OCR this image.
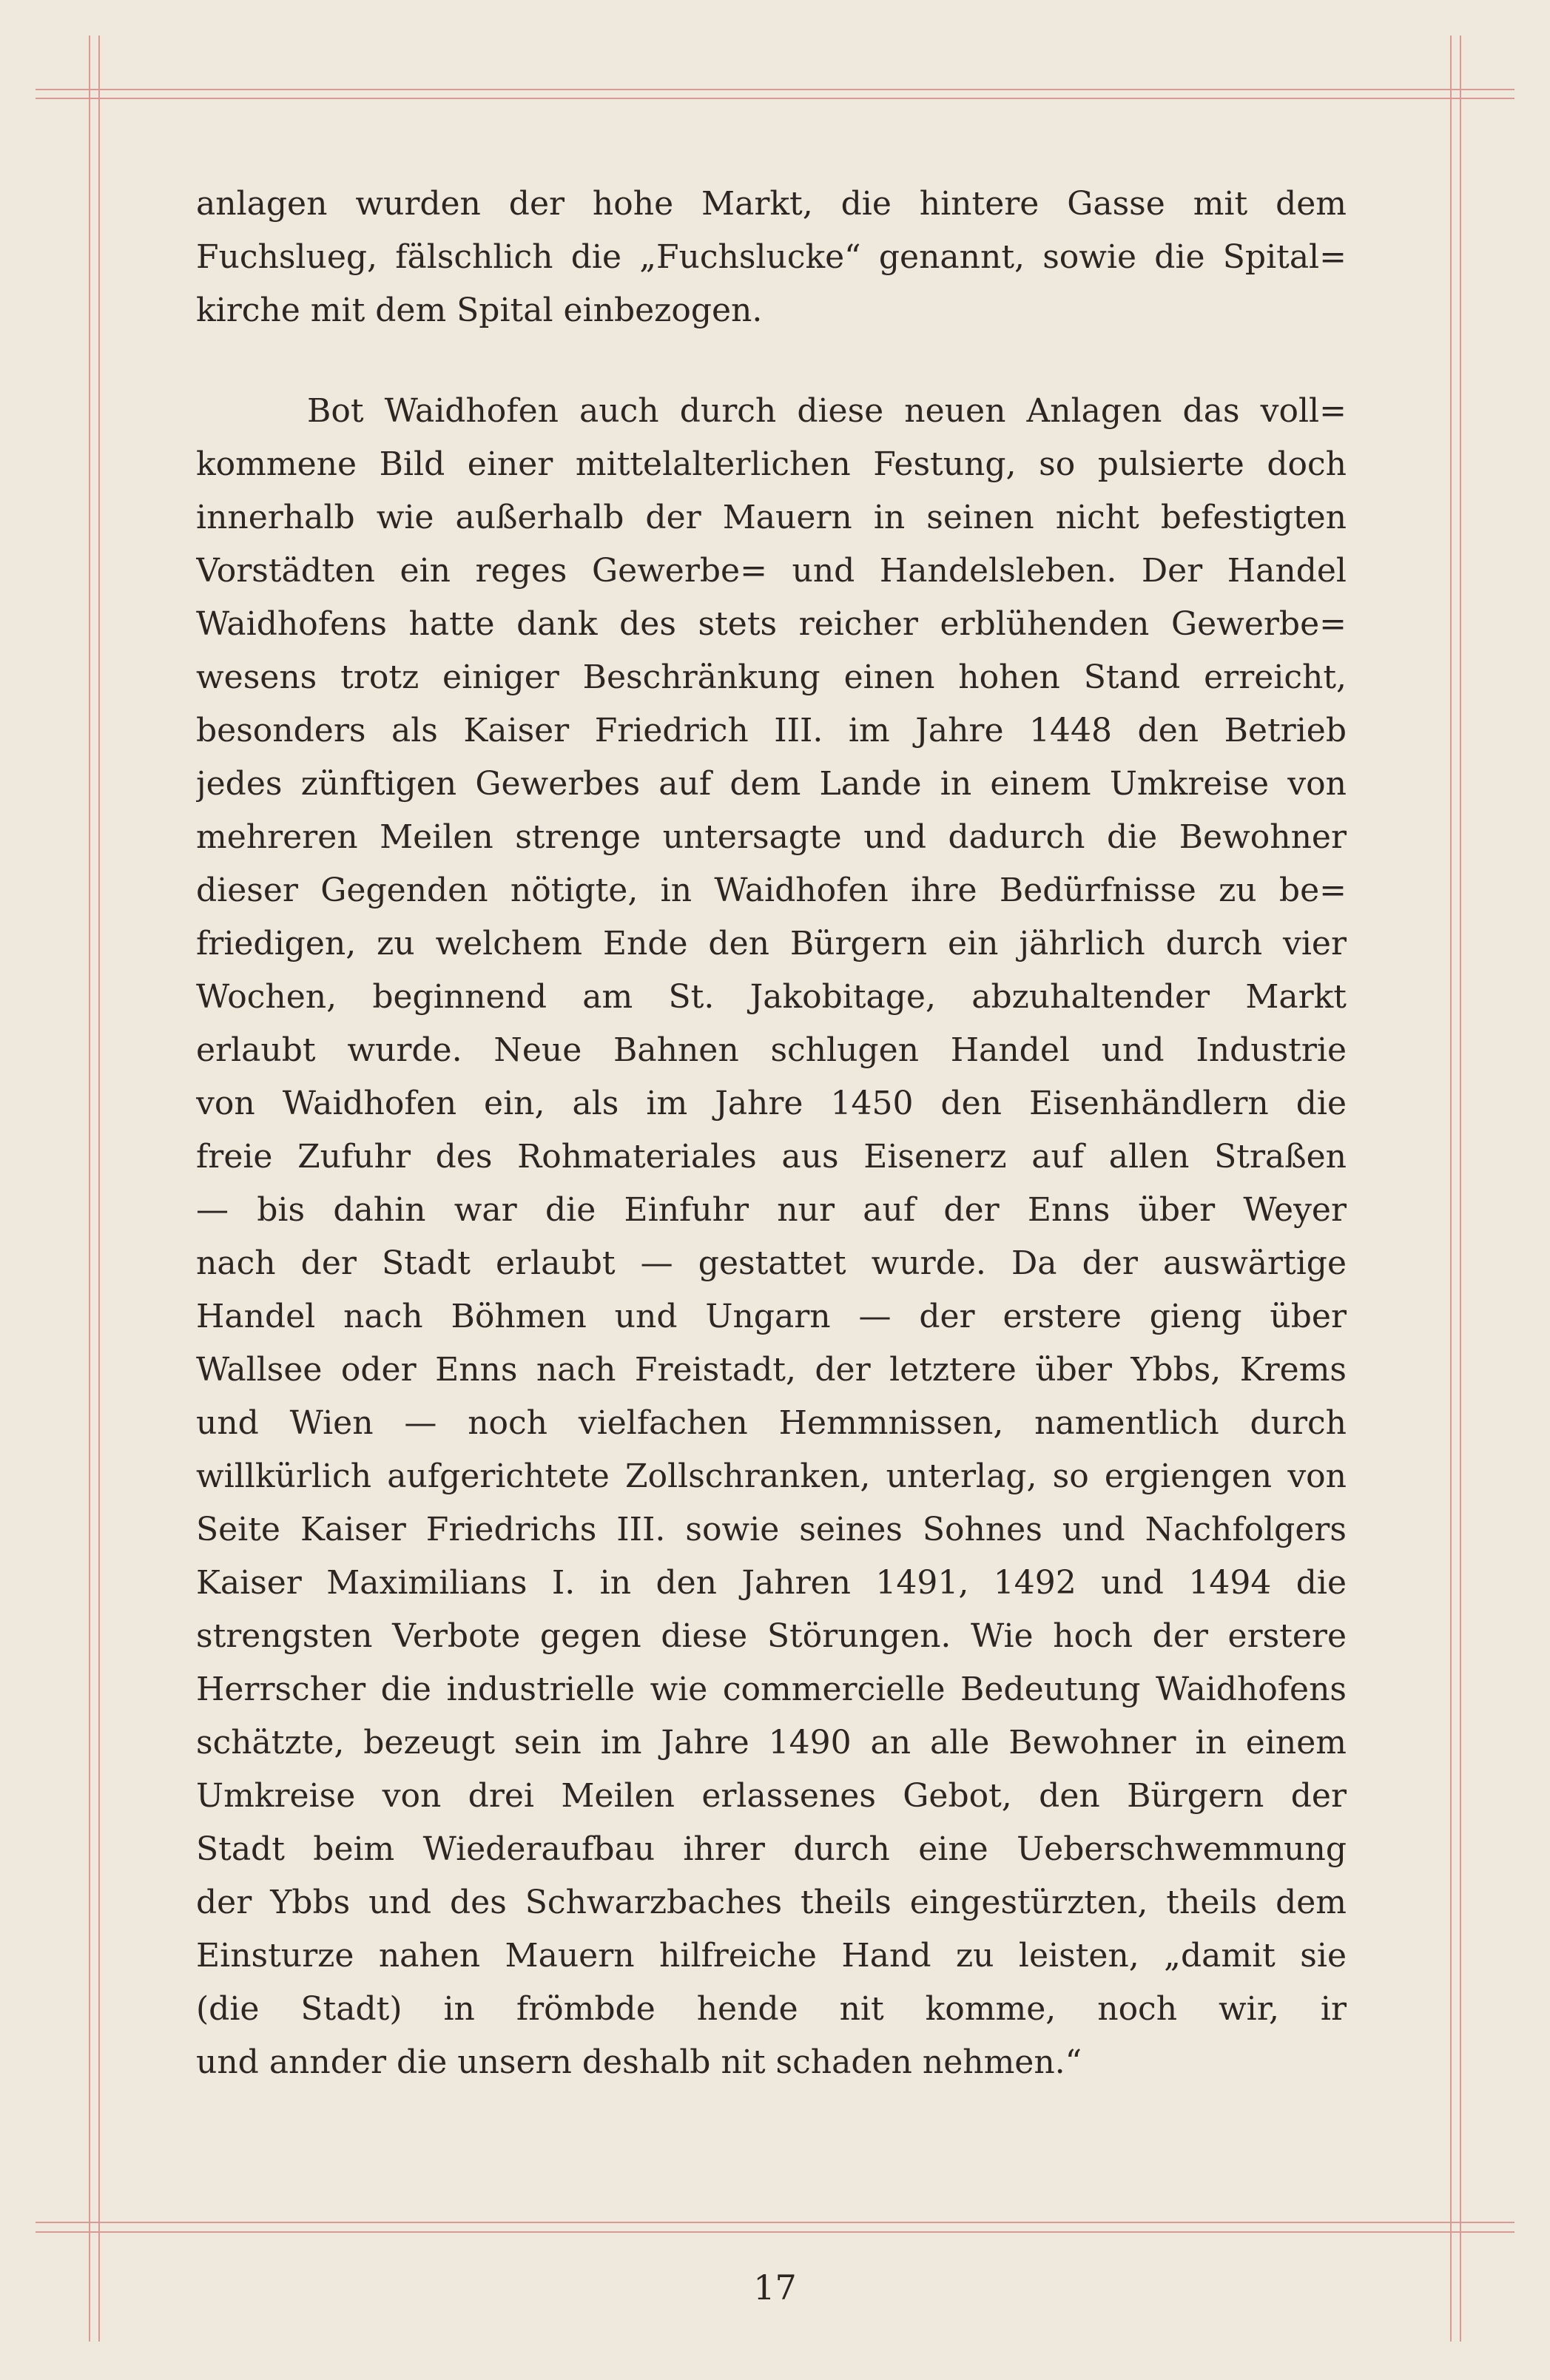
anlagen wurden der hohe Markt, die hintere Gasse mit dem
Fuchslueg, fälschlich die „Fuchslucke“ genannt, sowie die Spital=
kirche mit dem Spital einbezogen.
Bot Waidhofen auch durch diese neuen Anlagen das voll=
kommene Bild einer mittelalterlichen Festung, so pulsierte doch
innerhalb wie außerhalb der Mauern in seinen nicht befestigten
Vorstädten ein reges Gewerbe= und Handelsleben. Der Handel
Waidhofens hatte dank des stets reicher erblühenden Gewerbe=
wesens trotz einiger Beschränkung einen hohen Stand erreicht,
besonders als Kaiser Friedrich III. im Jahre 1448 den Betrieb
jedes zünftigen Gewerbes auf dem Lande in einem Umkreise von
mehreren Meilen strenge untersagte und dadurch die Bewohner
dieser Gegenden nötigte, in Waidhofen ihre Bedürfnisse zu be=
friedigen, zu welchem Ende den Bürgern ein jährlich durch vier
Wochen, beginnend am St. Jakobitage, abzuhaltender Markt
erlaubt wurde. Neue Bahnen schlugen Handel und Industrie
von Waidhofen ein, als im Jahre 1450 den Eisenhändlern die
freie Zufuhr des Rohmateriales aus Eisenerz auf allen Straßen
— bis dahin war die Einfuhr nur auf der Enns über Weyer
nach der Stadt erlaubt — gestattet wurde. Da der auswärtige
Handel nach Böhmen und Ungarn — der erstere gieng über
Wallsee oder Enns nach Freistadt, der letztere über Ybbs, Krems
und Wien — noch vielfachen Hemmnissen, namentlich durch
willkürlich aufgerichtete Zollschranken, unterlag, so ergiengen von
Seite Kaiser Friedrichs III. sowie seines Sohnes und Nachfolgers
Kaiser Maximilians I. in den Jahren 1491, 1492 und 1494 die
strengsten Verbote gegen diese Störungen. Wie hoch der erstere
Herrscher die industrielle wie commercielle Bedeutung Waidhofens
schätzte, bezeugt sein im Jahre 1490 an alle Bewohner in einem
Umkreise von drei Meilen erlassenes Gebot, den Bürgern der
Stadt beim Wiederaufbau ihrer durch eine Ueberschwemmung
der Ybbs und des Schwarzbaches theils eingestürzten, theils dem
Einsturze nahen Mauern hilfreiche Hand zu leisten, „damit sie
(die Stadt) in frömbde hende nit komme, noch wir, ir
und annder die unsern deshalb nit schaden nehmen.“
17
